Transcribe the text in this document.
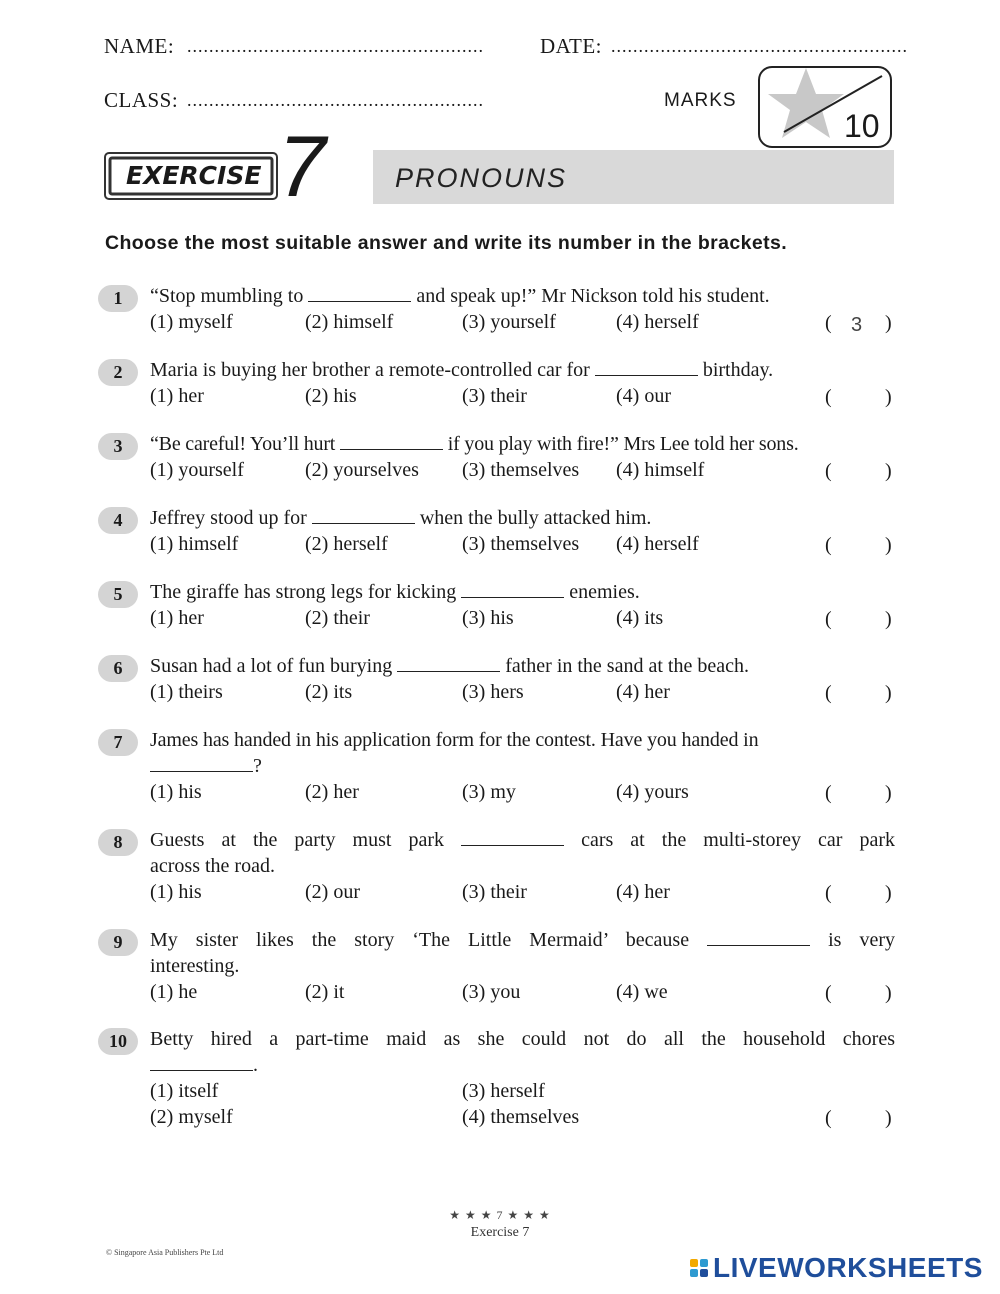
NAME: ......................................................	DATE: ......................................................
CLASS: ......................................................	MARKS
10
EXERCISE 7	PRONOUNS
Choose the most suitable answer and write its number in the brackets.
1	“Stop mumbling to	and speak up!” Mr Nickson told his student.
(1) myself	(2) himself	(3) yourself	(4) herself	( 3 )
2	Maria is buying her brother a remote-controlled car for	birthday.
(1) her	(2) his	(3) their	(4) our	(	)
3	“Be careful! You’ll hurt	if you play with fire!” Mrs Lee told her sons.
(1) yourself	(2) yourselves (3) themselves (4) himself	(	)
4	Jeffrey stood up for	when the bully attacked him.
(1) himself	(2) herself	(3) themselves (4) herself	(	)
5	The giraffe has strong legs for kicking	enemies.
(1) her	(2) their	(3) his	(4) its	(	)
6	Susan had a lot of fun burying	father in the sand at the beach.
(1) theirs	(2) its	(3) hers	(4) her	(	)
7	James has handed in his application form for the contest. Have you handed in
?
(1) his	(2) her	(3) my	(4) yours	(	)
8	Guests at the party must park	cars at the multi-storey car park
across the road.
(1) his	(2) our	(3) their	(4) her	(	)
9	My sister likes the story ‘The Little Mermaid’ because	is very
interesting.
(1) he	(2) it	(3) you	(4) we	(	)
10	Betty hired a part-time maid as she could not do all the household chores
.
(1) itself	(3) herself
(2) myself	(4) themselves	(	)
★ ★ ★ 7 ★ ★ ★
Exercise 7
© Singapore Asia Publishers Pte Ltd	LIVEWORKSHEETS
